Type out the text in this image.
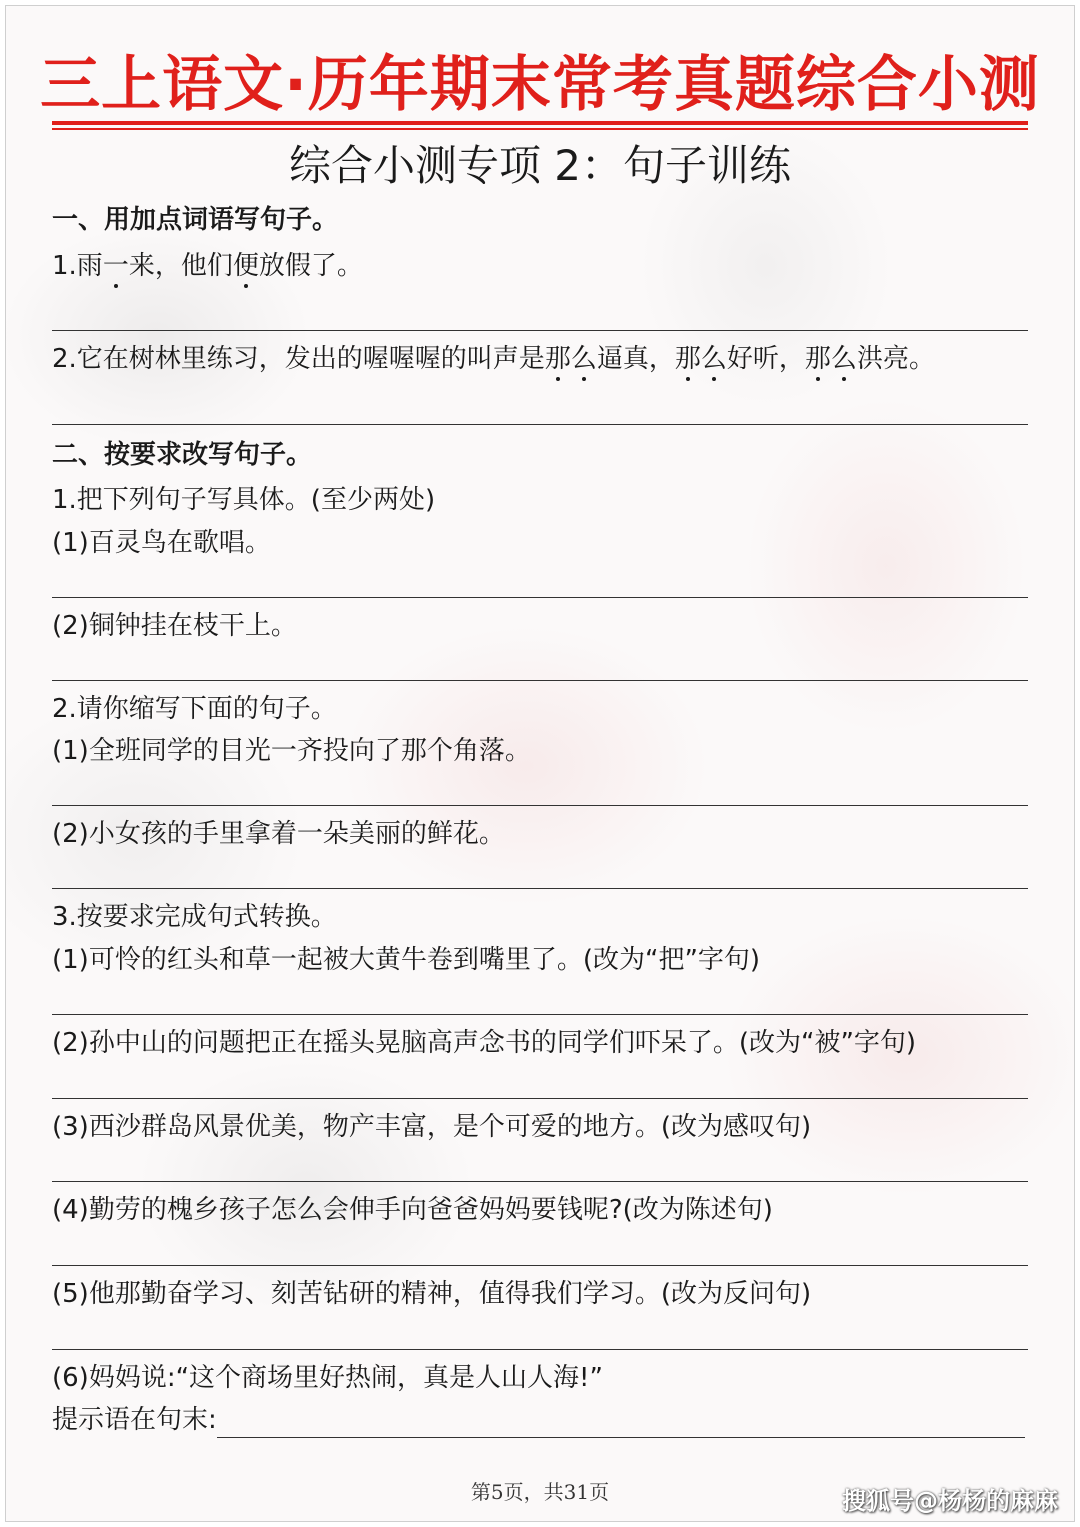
三上语文·历年期末常考真题综合小测
综合小测专项 2：句子训练
一、用加点词语写句子。
1.雨一来，他们便放假了。
2.它在树林里练习，发出的喔喔喔的叫声是那么逼真，那么好听，那么洪亮。
二、按要求改写句子。
1.把下列句子写具体。(至少两处)
(1)百灵鸟在歌唱。
(2)铜钟挂在枝干上。
2.请你缩写下面的句子。
(1)全班同学的目光一齐投向了那个角落。
(2)小女孩的手里拿着一朵美丽的鲜花。
3.按要求完成句式转换。
(1)可怜的红头和草一起被大黄牛卷到嘴里了。(改为“把”字句)
(2)孙中山的问题把正在摇头晃脑高声念书的同学们吓呆了。(改为“被”字句)
(3)西沙群岛风景优美，物产丰富，是个可爱的地方。(改为感叹句)
(4)勤劳的槐乡孩子怎么会伸手向爸爸妈妈要钱呢?(改为陈述句)
(5)他那勤奋学习、刻苦钻研的精神，值得我们学习。(改为反问句)
(6)妈妈说:“这个商场里好热闹，真是人山人海!”
提示语在句末:
第5页，共31页	搜狐号@杨杨的麻麻
